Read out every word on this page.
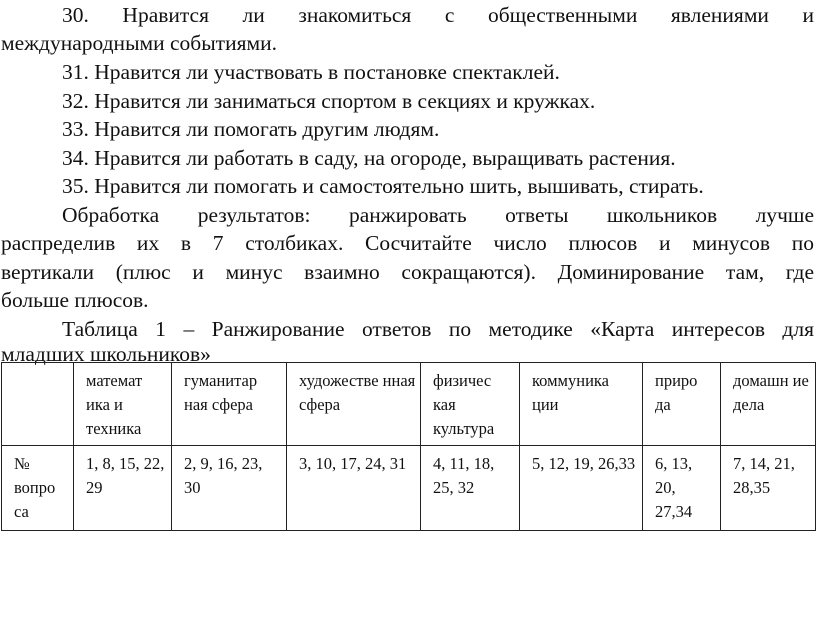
30. Нравится ли знакомиться с общественными явлениями и
международными событиями.
31. Нравится ли участвовать в постановке спектаклей.
32. Нравится ли заниматься спортом в секциях и кружках.
33. Нравится ли помогать другим людям.
34. Нравится ли работать в саду, на огороде, выращивать растения.
35. Нравится ли помогать и самостоятельно шить, вышивать, стирать.
Обработка результатов: ранжировать ответы школьников лучше
распределив их в 7 столбиках. Сосчитайте число плюсов и минусов по
вертикали (плюс и минус взаимно сокращаются). Доминирование там, где
больше плюсов.
Таблица 1 – Ранжирование ответов по методике «Карта интересов для
младших школьников»
	математ ика и техника	гуманитар ная сфера	художестве нная сфера	физичес кая культура	коммуника ции	приро да	домашн ие дела
№ вопро са	1, 8, 15, 22, 29	2, 9, 16, 23, 30	3, 10, 17, 24, 31	4, 11, 18, 25, 32	5, 12, 19, 26,33	6, 13, 20, 27,34	7, 14, 21, 28,35
